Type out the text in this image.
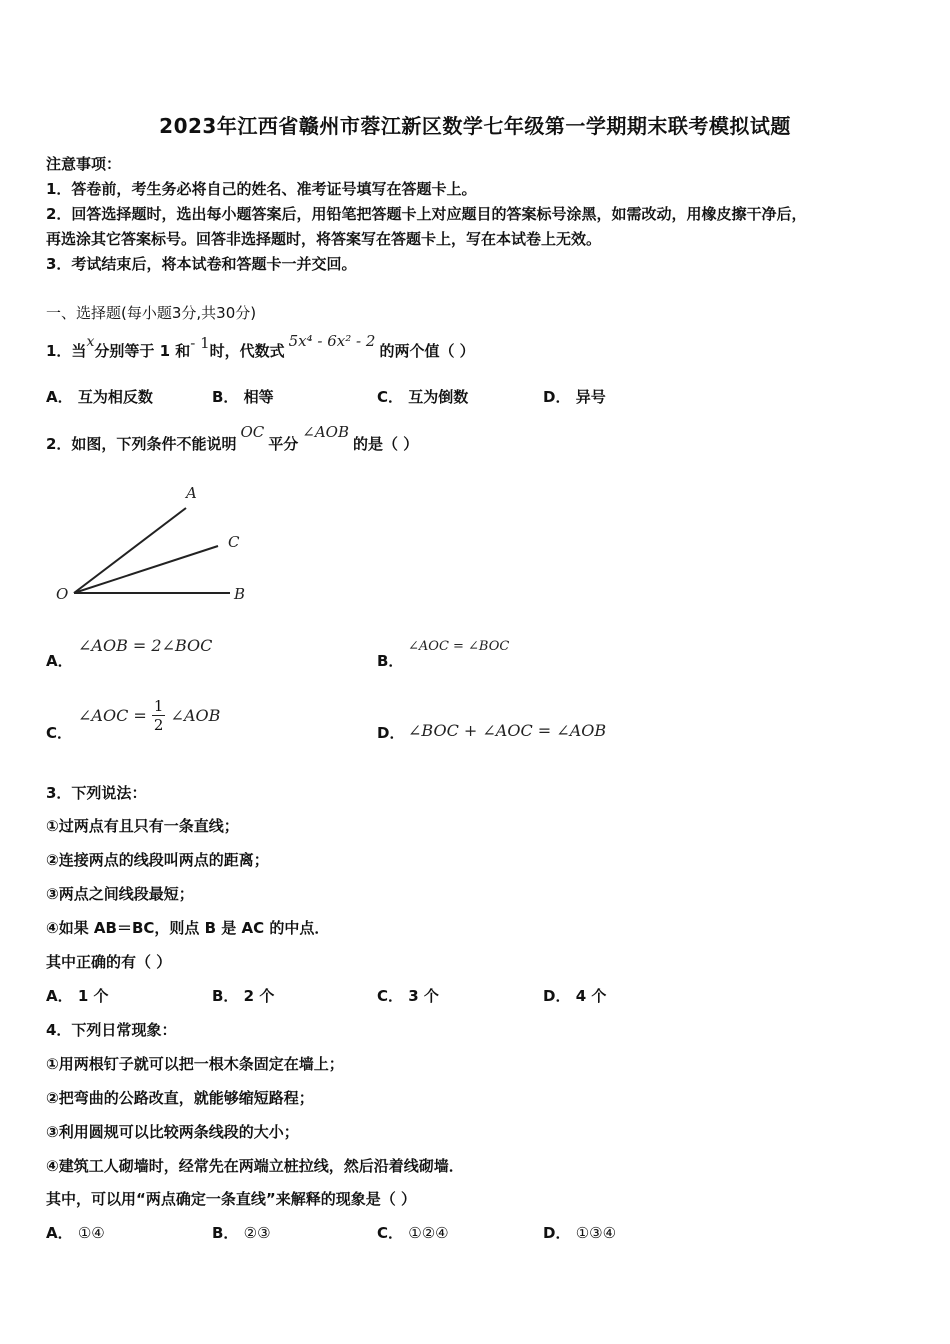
2023年江西省赣州市蓉江新区数学七年级第一学期期末联考模拟试题
注意事项：
1．答卷前，考生务必将自己的姓名、准考证号填写在答题卡上。
2．回答选择题时，选出每小题答案后，用铅笔把答题卡上对应题目的答案标号涂黑，如需改动，用橡皮擦干净后，
再选涂其它答案标号。回答非选择题时，将答案写在答题卡上，写在本试卷上无效。
3．考试结束后，将本试卷和答题卡一并交回。
一、选择题(每小题3分,共30分)
1．当x分别等于 1 和- 1时，代数式5x⁴ - 6x² - 2的两个值（ ）
A． 互为相反数	B． 相等	C． 互为倒数	D． 异号
2．如图，下列条件不能说明OC平分∠AOB的是（ ）
A
C
B
O
A．
∠AOB = 2∠BOC
B．
∠AOC = ∠BOC
C．
∠AOC = $\frac{1}{2}$ ∠AOB
D． ∠BOC + ∠AOC = ∠AOB
3．下列说法：
①过两点有且只有一条直线；
②连接两点的线段叫两点的距离；
③两点之间线段最短；
④如果 AB＝BC，则点 B 是 AC 的中点．
其中正确的有（ ）
A． 1 个	B． 2 个	C． 3 个	D． 4 个
4．下列日常现象：
①用两根钉子就可以把一根木条固定在墙上；
②把弯曲的公路改直，就能够缩短路程；
③利用圆规可以比较两条线段的大小；
④建筑工人砌墙时，经常先在两端立桩拉线，然后沿着线砌墙．
其中，可以用“两点确定一条直线”来解释的现象是（ ）
A． ①④	B． ②③	C． ①②④	D． ①③④
